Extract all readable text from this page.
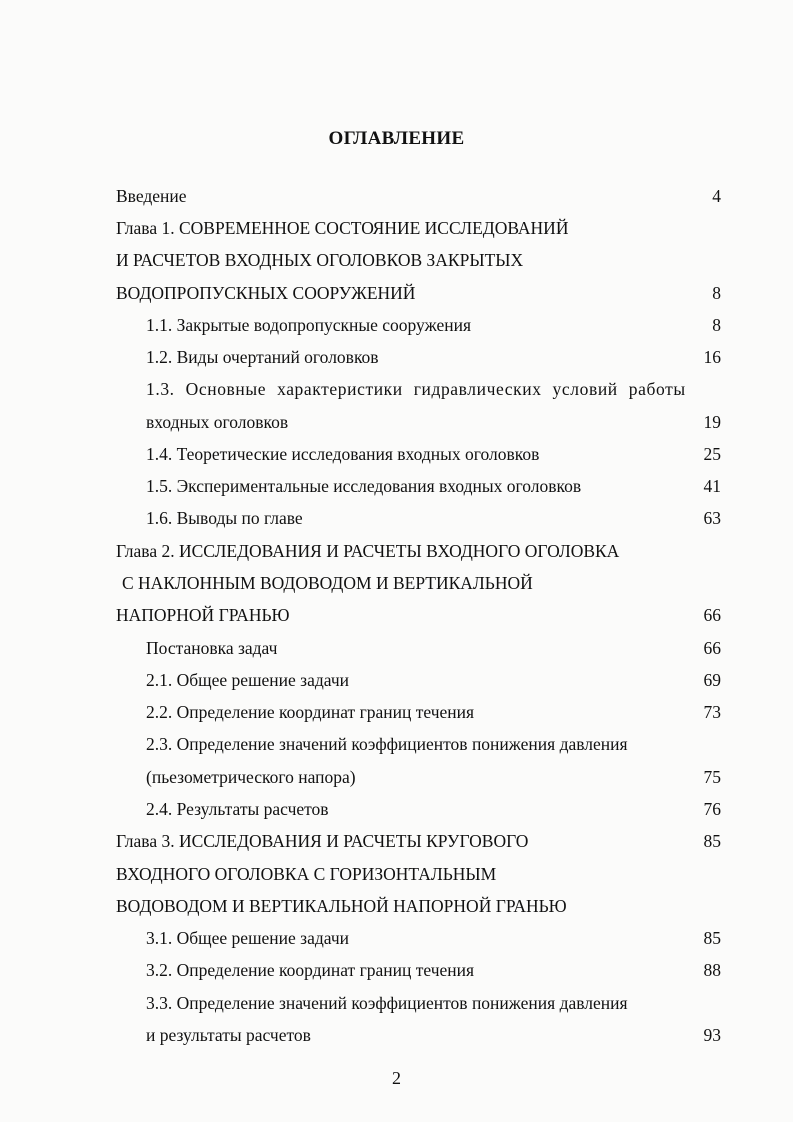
ОГЛАВЛЕНИЕ
Введение	4
Глава 1. СОВРЕМЕННОЕ СОСТОЯНИЕ ИССЛЕДОВАНИЙ
И РАСЧЕТОВ ВХОДНЫХ ОГОЛОВКОВ ЗАКРЫТЫХ
ВОДОПРОПУСКНЫХ СООРУЖЕНИЙ	8
1.1. Закрытые водопропускные сооружения	8
1.2. Виды очертаний оголовков	16
1.3. Основные характеристики гидравлических условий работы
входных оголовков	19
1.4. Теоретические исследования входных оголовков	25
1.5. Экспериментальные исследования входных оголовков	41
1.6. Выводы по главе	63
Глава 2. ИССЛЕДОВАНИЯ И РАСЧЕТЫ ВХОДНОГО ОГОЛОВКА
С НАКЛОННЫМ ВОДОВОДОМ И ВЕРТИКАЛЬНОЙ
НАПОРНОЙ ГРАНЬЮ	66
Постановка задач	66
2.1. Общее решение задачи	69
2.2. Определение координат границ течения	73
2.3. Определение значений коэффициентов понижения давления
(пьезометрического напора)	75
2.4. Результаты расчетов	76
Глава 3. ИССЛЕДОВАНИЯ И РАСЧЕТЫ КРУГОВОГО	85
ВХОДНОГО ОГОЛОВКА С ГОРИЗОНТАЛЬНЫМ
ВОДОВОДОМ И ВЕРТИКАЛЬНОЙ НАПОРНОЙ ГРАНЬЮ
3.1. Общее решение задачи	85
3.2. Определение координат границ течения	88
3.3. Определение значений коэффициентов понижения давления
и результаты расчетов	93
2
